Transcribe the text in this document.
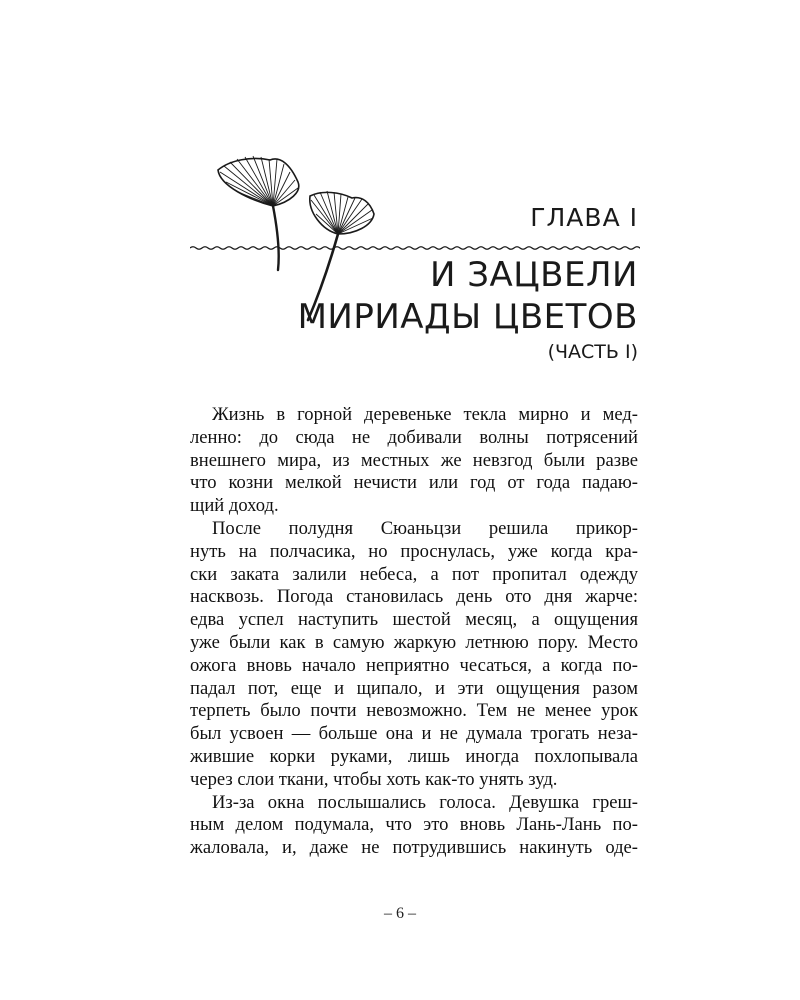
ГЛАВА I
И ЗАЦВЕЛИ
МИРИАДЫ ЦВЕТОВ
(ЧАСТЬ I)
Жизнь в горной деревеньке текла мирно и мед-
ленно: до сюда не добивали волны потрясений
внешнего мира, из местных же невзгод были разве
что козни мелкой нечисти или год от года падаю-
щий доход.
После полудня Сюаньцзи решила прикор-
нуть на полчасика, но проснулась, уже когда кра-
ски заката залили небеса, а пот пропитал одежду
насквозь. Погода становилась день ото дня жарче:
едва успел наступить шестой месяц, а ощущения
уже были как в самую жаркую летнюю пору. Место
ожога вновь начало неприятно чесаться, а когда по-
падал пот, еще и щипало, и эти ощущения разом
терпеть было почти невозможно. Тем не менее урок
был усвоен — больше она и не думала трогать неза-
жившие корки руками, лишь иногда похлопывала
через слои ткани, чтобы хоть как-то унять зуд.
Из-за окна послышались голоса. Девушка греш-
ным делом подумала, что это вновь Лань-Лань по-
жаловала, и, даже не потрудившись накинуть оде-
– 6 –
